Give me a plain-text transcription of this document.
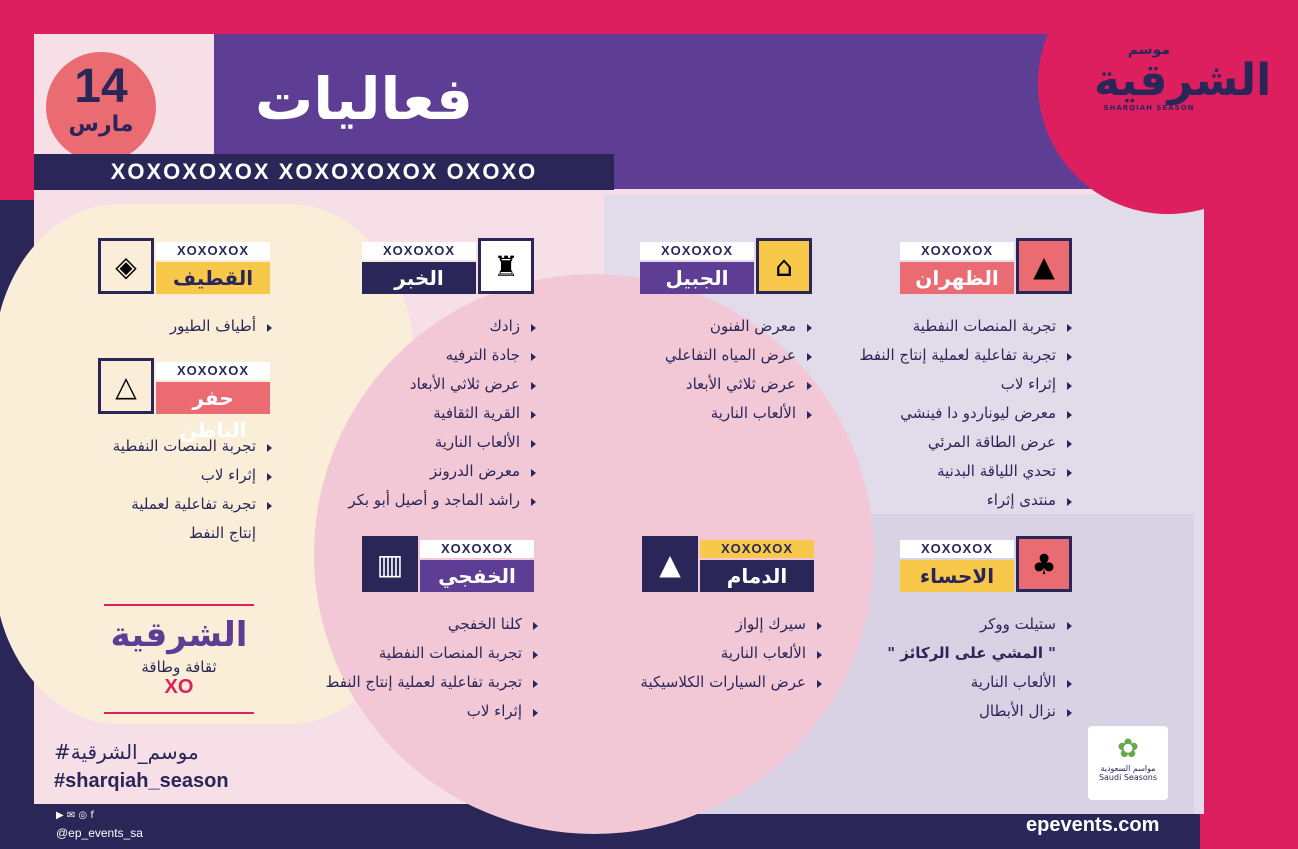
14
مارس	فعاليات
XOXOXOXOX XOXOXOXOX OXOXO
موسم
الشرقية
SHARQIAH SEASON
▲
XOXOXOX
الظهران
تجربة المنصات النفطية
تجربة تفاعلية لعملية إنتاج النفط
إثراء لاب
معرض ليوناردو دا فينشي
عرض الطاقة المرئي
تحدي اللياقة البدنية
منتدى إثراء
⌂
XOXOXOX
الجبيل
معرض الفنون
عرض المياه التفاعلي
عرض ثلاثي الأبعاد
الألعاب النارية
♜
XOXOXOX
الخبر
زادك
جادة الترفيه
عرض ثلاثي الأبعاد
القرية الثقافية
الألعاب النارية
معرض الدرونز
راشد الماجد و أصيل أبو بكر
◈	XOXOXOX
القطيف
أطياف الطيور
△	XOXOXOX
حفر الباطن
تجربة المنصات النفطية
إثراء لاب
تجربة تفاعلية لعملية
إنتاج النفط
♣
XOXOXOX
الاحساء
ستيلت ووكر
" المشي على الركائز "
الألعاب النارية
نزال الأبطال
▲	XOXOXOX
الدمام
سيرك إلواز
الألعاب النارية
عرض السيارات الكلاسيكية
▥	XOXOXOX
الخفجي
كلنا الخفجي
تجربة المنصات النفطية
تجربة تفاعلية لعملية إنتاج النفط
إثراء لاب
الشرقية
ثقافة وطاقة
XO
#موسم_الشرقية
#sharqiah_season
✿
مواسم السعودية
Saudi Seasons
▶ ✉ ◎ f
@ep_events_sa	epevents.com
